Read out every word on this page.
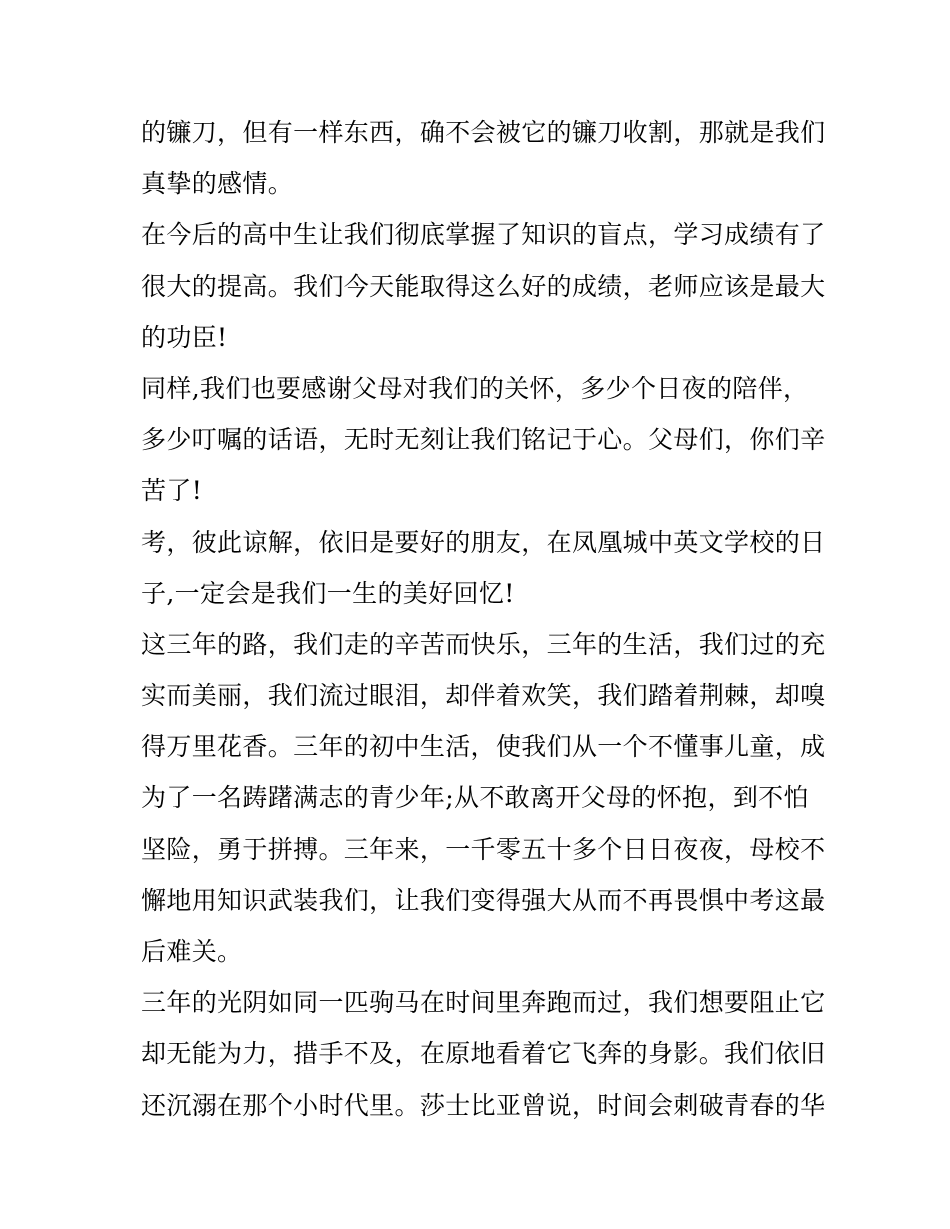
的镰刀，但有一样东西，确不会被它的镰刀收割，那就是我们
真挚的感情。
在今后的高中生让我们彻底掌握了知识的盲点，学习成绩有了
很大的提高。我们今天能取得这么好的成绩，老师应该是最大
的功臣!
同样,我们也要感谢父母对我们的关怀，多少个日夜的陪伴，
多少叮嘱的话语，无时无刻让我们铭记于心。父母们，你们辛
苦了!
考，彼此谅解，依旧是要好的朋友，在凤凰城中英文学校的日
子,一定会是我们一生的美好回忆!
这三年的路，我们走的辛苦而快乐，三年的生活，我们过的充
实而美丽，我们流过眼泪，却伴着欢笑，我们踏着荆棘，却嗅
得万里花香。三年的初中生活，使我们从一个不懂事儿童，成
为了一名踌躇满志的青少年;从不敢离开父母的怀抱，到不怕
坚险，勇于拼搏。三年来，一千零五十多个日日夜夜，母校不
懈地用知识武装我们，让我们变得强大从而不再畏惧中考这最
后难关。
三年的光阴如同一匹驹马在时间里奔跑而过，我们想要阻止它
却无能为力，措手不及，在原地看着它飞奔的身影。我们依旧
还沉溺在那个小时代里。莎士比亚曾说，时间会刺破青春的华
